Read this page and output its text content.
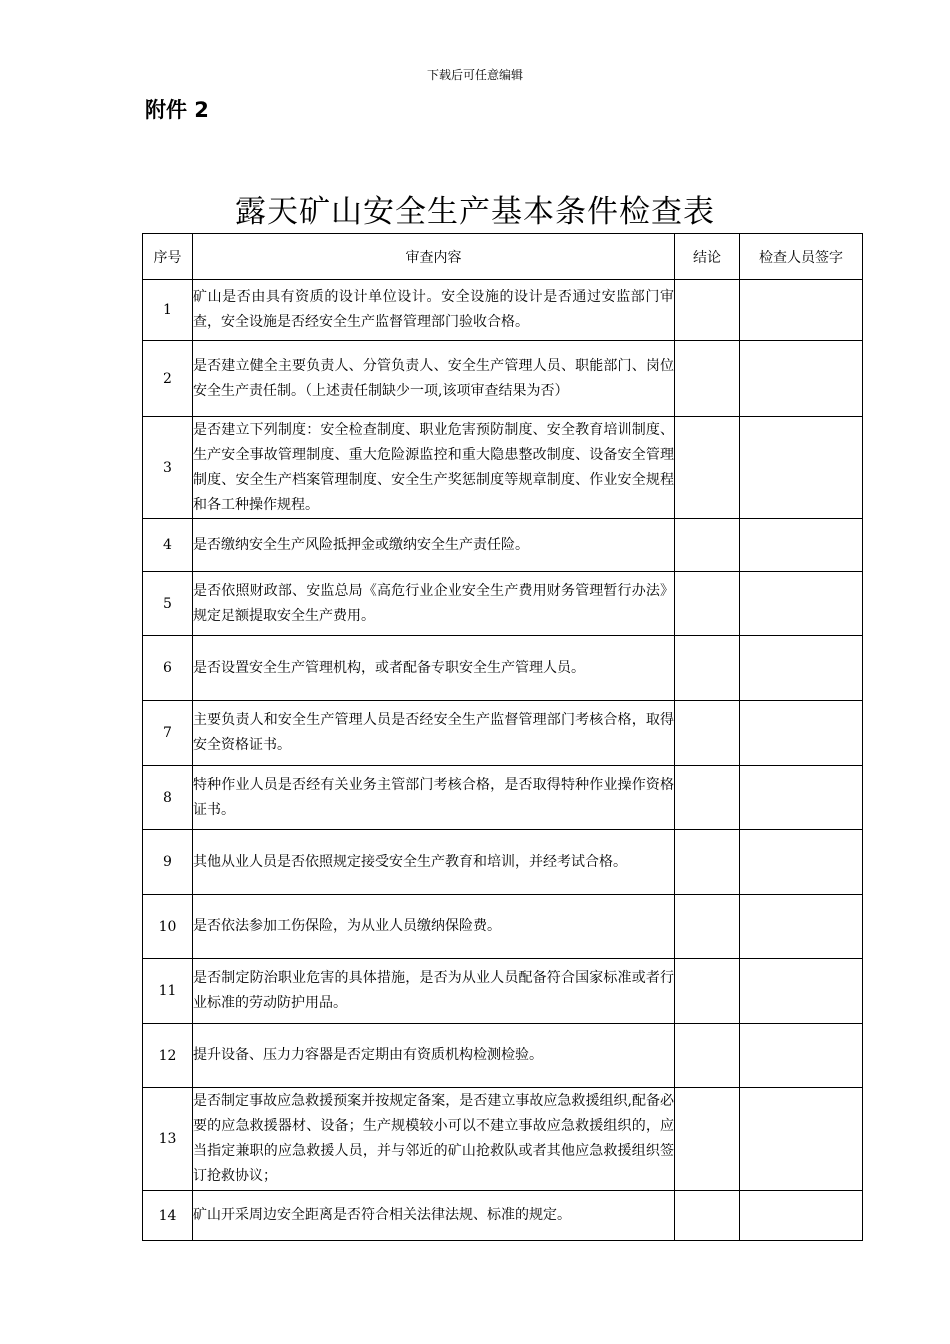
下载后可任意编辑
附件 2
露天矿山安全生产基本条件检查表
序号	审查内容	结论	检查人员签字
1	矿山是否由具有资质的设计单位设计。安全设施的设计是否通过安监部门审查，安全设施是否经安全生产监督管理部门验收合格。		
2	是否建立健全主要负责人、分管负责人、安全生产管理人员、职能部门、岗位安全生产责任制。（上述责任制缺少一项,该项审查结果为否）		
3	是否建立下列制度：安全检查制度、职业危害预防制度、安全教育培训制度、生产安全事故管理制度、重大危险源监控和重大隐患整改制度、设备安全管理制度、安全生产档案管理制度、安全生产奖惩制度等规章制度、作业安全规程和各工种操作规程。		
4	是否缴纳安全生产风险抵押金或缴纳安全生产责任险。		
5	是否依照财政部、安监总局《高危行业企业安全生产费用财务管理暂行办法》规定足额提取安全生产费用。		
6	是否设置安全生产管理机构，或者配备专职安全生产管理人员。		
7	主要负责人和安全生产管理人员是否经安全生产监督管理部门考核合格，取得安全资格证书。		
8	特种作业人员是否经有关业务主管部门考核合格，是否取得特种作业操作资格证书。		
9	其他从业人员是否依照规定接受安全生产教育和培训，并经考试合格。		
10	是否依法参加工伤保险，为从业人员缴纳保险费。		
11	是否制定防治职业危害的具体措施，是否为从业人员配备符合国家标准或者行业标准的劳动防护用品。		
12	提升设备、压力力容器是否定期由有资质机构检测检验。		
13	是否制定事故应急救援预案并按规定备案，是否建立事故应急救援组织,配备必要的应急救援器材、设备；生产规模较小可以不建立事故应急救援组织的，应当指定兼职的应急救援人员，并与邻近的矿山抢救队或者其他应急救援组织签订抢救协议；		
14	矿山开采周边安全距离是否符合相关法律法规、标准的规定。		
